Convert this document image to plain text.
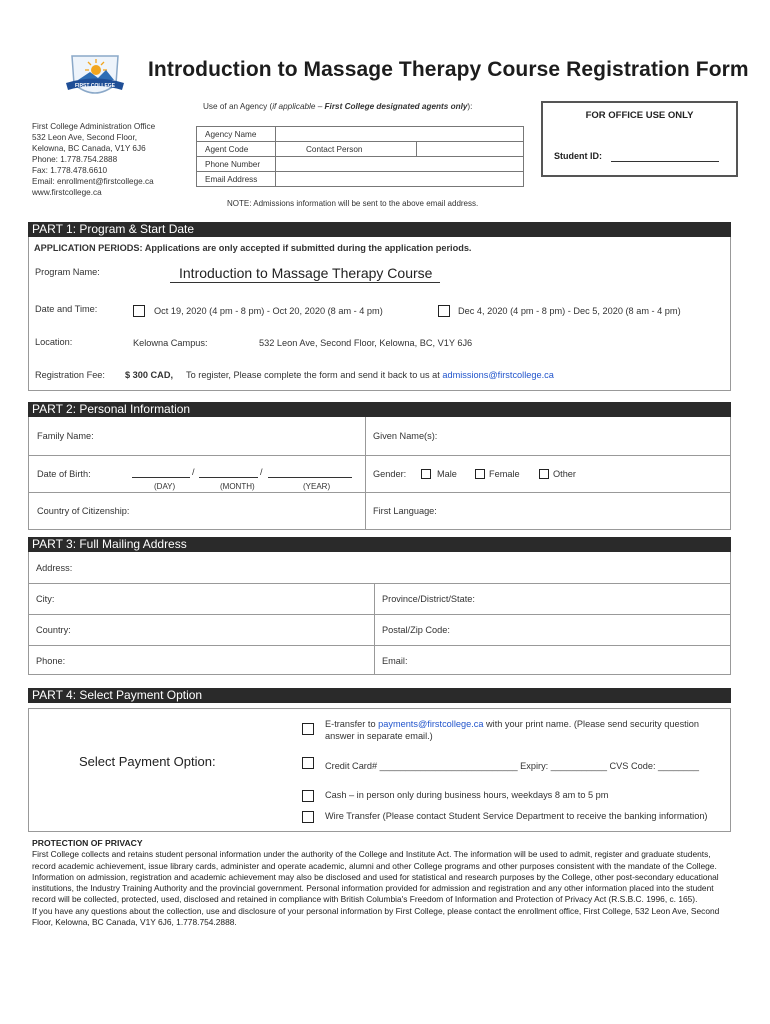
FIRST COLLEGE
Introduction to Massage Therapy Course Registration Form
First College Administration Office
532 Leon Ave, Second Floor,
Kelowna, BC Canada, V1Y 6J6
Phone: 1.778.754.2888
Fax: 1.778.478.6610
Email: enrollment@firstcollege.ca
www.firstcollege.ca
Use of an Agency (if applicable – First College designated agents only):
Agency Name		
Agent Code	Contact Person	
Phone Number		
Email Address		
FOR OFFICE USE ONLY
Student ID:
NOTE: Admissions information will be sent to the above email address.
PART 1: Program & Start Date
APPLICATION PERIODS: Applications are only accepted if submitted during the application periods.
Program Name:	Introduction to Massage Therapy Course
Date and Time:	Oct 19, 2020 (4 pm - 8 pm) - Oct 20, 2020 (8 am - 4 pm)	Dec 4, 2020 (4 pm - 8 pm) - Dec 5, 2020 (8 am - 4 pm)
Location:	Kelowna Campus:	532 Leon Ave, Second Floor, Kelowna, BC, V1Y 6J6
Registration Fee: $ 300 CAD, To register, Please complete the form and send it back to us at admissions@firstcollege.ca
PART 2: Personal Information
Family Name:	Given Name(s):
Date of Birth:	/	/
(DAY)	(MONTH)	(YEAR)
Gender:	Male	Female	Other
Country of Citizenship:	First Language:
PART 3: Full Mailing Address
Address:
City:	Province/District/State:
Country:	Postal/Zip Code:
Phone:	Email:
PART 4: Select Payment Option
Select Payment Option:
E-transfer to payments@firstcollege.ca with your print name. (Please send security question
answer in separate email.)
Credit Card# ___________________________ Expiry: ___________ CVS Code: ________
Cash – in person only during business hours, weekdays 8 am to 5 pm
Wire Transfer (Please contact Student Service Department to receive the banking information)
PROTECTION OF PRIVACY
First College collects and retains student personal information under the authority of the College and Institute Act. The information will be used to admit, register and graduate students, record academic achievement, issue library cards, administer and operate academic, alumni and other College programs and other purposes consistent with the mandate of the College. Information on admission, registration and academic achievement may also be disclosed and used for statistical and research purposes by the College, other post-secondary educational institutions, the Industry Training Authority and the provincial government. Personal information provided for admission and registration and any other information placed into the student record will be collected, protected, used, disclosed and retained in compliance with British Columbia's Freedom of Information and Protection of Privacy Act (R.S.B.C. 1996, c. 165).
If you have any questions about the collection, use and disclosure of your personal information by First College, please contact the enrollment office, First College, 532 Leon Ave, Second Floor, Kelowna, BC Canada, V1Y 6J6, 1.778.754.2888.
